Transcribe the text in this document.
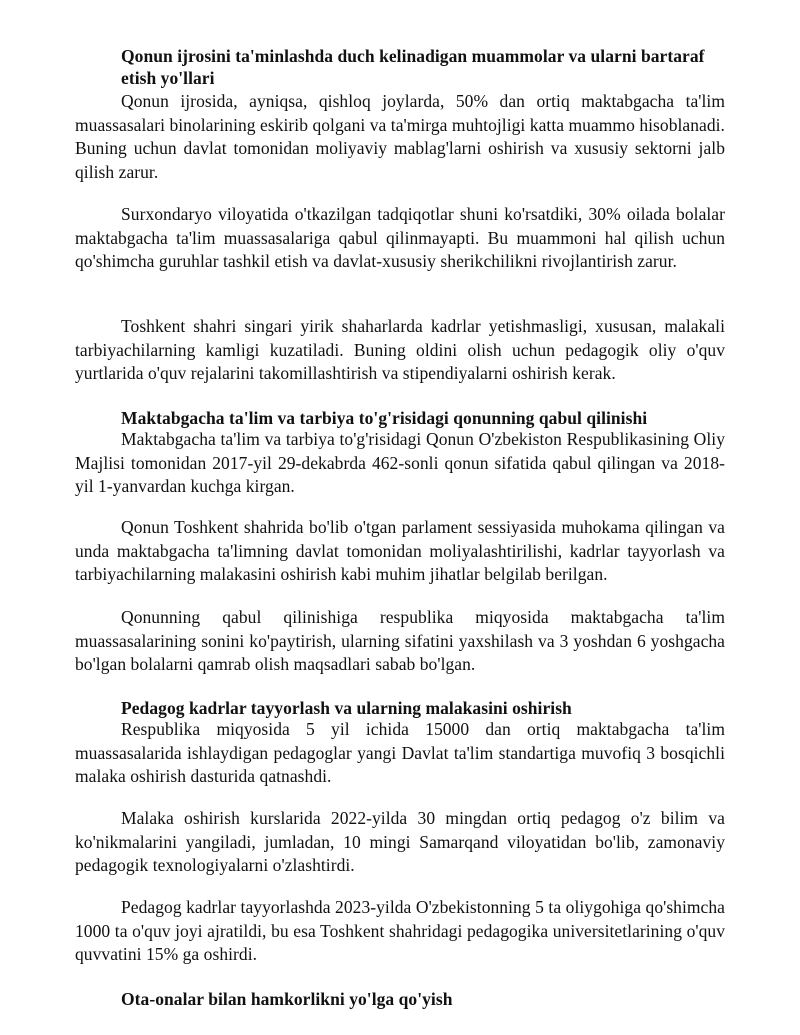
Qonun ijrosini ta'minlashda duch kelinadigan muammolar va ularni bartaraf etish yo'llari

Qonun ijrosida, ayniqsa, qishloq joylarda, 50% dan ortiq maktabgacha ta'lim muassasalari binolarining eskirib qolgani va ta'mirga muhtojligi katta muammo hisoblanadi. Buning uchun davlat tomonidan moliyaviy mablag'larni oshirish va xususiy sektorni jalb qilish zarur.

Surxondaryo viloyatida o'tkazilgan tadqiqotlar shuni ko'rsatdiki, 30% oilada bolalar maktabgacha ta'lim muassasalariga qabul qilinmayapti. Bu muammoni hal qilish uchun qo'shimcha guruhlar tashkil etish va davlat-xususiy sherikchilikni rivojlantirish zarur.

Toshkent shahri singari yirik shaharlarda kadrlar yetishmasligi, xususan, malakali tarbiyachilarning kamligi kuzatiladi. Buning oldini olish uchun pedagogik oliy o'quv yurtlarida o'quv rejalarini takomillashtirish va stipendiyalarni oshirish kerak.

Maktabgacha ta'lim va tarbiya to'g'risidagi qonunning qabul qilinishi

Maktabgacha ta'lim va tarbiya to'g'risidagi Qonun O'zbekiston Respublikasining Oliy Majlisi tomonidan 2017-yil 29-dekabrda 462-sonli qonun sifatida qabul qilingan va 2018-yil 1-yanvardan kuchga kirgan.

Qonun Toshkent shahrida bo'lib o'tgan parlament sessiyasida muhokama qilingan va unda maktabgacha ta'limning davlat tomonidan moliyalashtirilishi, kadrlar tayyorlash va tarbiyachilarning malakasini oshirish kabi muhim jihatlar belgilab berilgan.

Qonunning qabul qilinishiga respublika miqyosida maktabgacha ta'lim muassasalarining sonini ko'paytirish, ularning sifatini yaxshilash va 3 yoshdan 6 yoshgacha bo'lgan bolalarni qamrab olish maqsadlari sabab bo'lgan.

Pedagog kadrlar tayyorlash va ularning malakasini oshirish

Respublika miqyosida 5 yil ichida 15000 dan ortiq maktabgacha ta'lim muassasalarida ishlaydigan pedagoglar yangi Davlat ta'lim standartiga muvofiq 3 bosqichli malaka oshirish dasturida qatnashdi.

Malaka oshirish kurslarida 2022-yilda 30 mingdan ortiq pedagog o'z bilim va ko'nikmalarini yangiladi, jumladan, 10 mingi Samarqand viloyatidan bo'lib, zamonaviy pedagogik texnologiyalarni o'zlashtirdi.

Pedagog kadrlar tayyorlashda 2023-yilda O'zbekistonning 5 ta oliygohiga qo'shimcha 1000 ta o'quv joyi ajratildi, bu esa Toshkent shahridagi pedagogika universitetlarining o'quv quvvatini 15% ga oshirdi.

Ota-onalar bilan hamkorlikni yo'lga qo'yish
